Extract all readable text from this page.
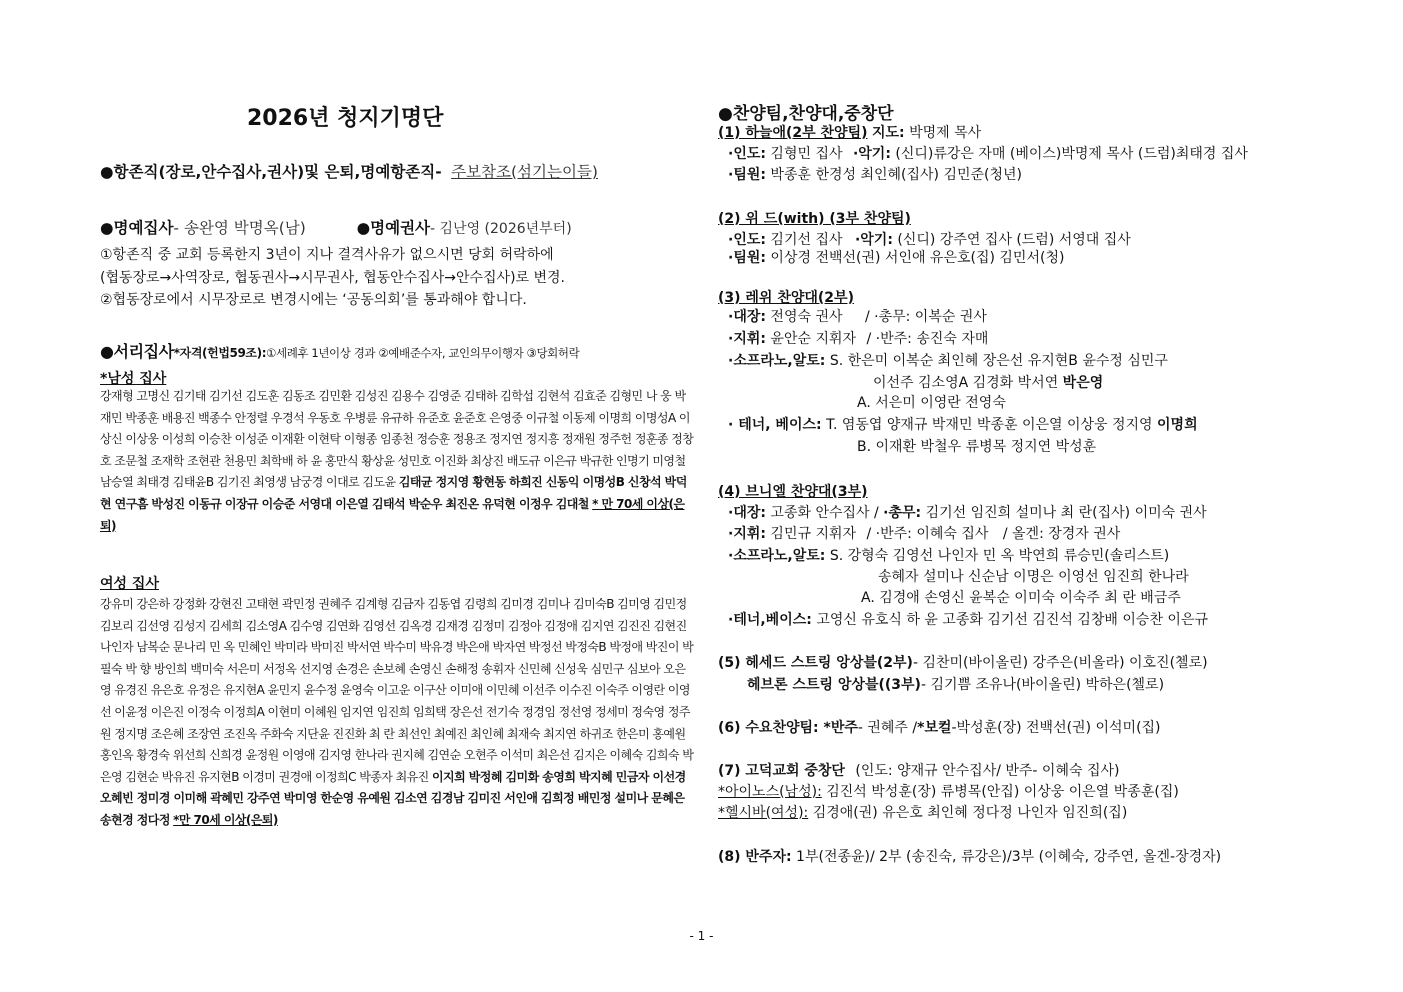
2026년 청지기명단
●항존직(장로,안수집사,권사)및 은퇴,명예항존직- 주보참조(섬기는이들)
●명예집사- 송완영 박명옥(남)	●명예권사- 김난영 (2026년부터)
①항존직 중 교회 등록한지 3년이 지나 결격사유가 없으시면 당회 허락하에
(협동장로→사역장로, 협동권사→시무권사, 협동안수집사→안수집사)로 변경.
②협동장로에서 시무장로로 변경시에는 ‘공동의회’를 통과해야 합니다.
●서리집사*자격(헌법59조):①세례후 1년이상 경과 ②예배준수자, 교인의무이행자 ③당회허락
*남성 집사
강재형 고명신 김기태 김기선 김도훈 김동조 김민환 김성진 김용수 김영준 김태하 김학섭 김현석 김효준 김형민 나 웅 박재민 박종훈 배용진 백종수 안정렬 우경석 우동호 우병륜 유규하 유준호 윤준호 은영중 이규철 이동제 이명희 이명성A 이상신 이상웅 이성희 이승찬 이성준 이재환 이현탁 이형종 임종천 정승훈 정용조 정지연 정지흥 정재원 정주헌 정훈종 정창호 조문철 조재학 조현관 천용민 최학배 하 윤 홍만식 황상윤 성민호 이진화 최상진 배도규 이은규 박규한 인명기 미영철 남승열 최태경 김태윤B 김기진 최영생 남궁경 이대로 김도윤 김태균 정지영 황현동 하희진 신동익 이명성B 신창석 박덕현 연구흠 박성진 이동규 이장규 이승준 서영대 이은열 김태석 박순우 최진온 유덕현 이정우 김대철 * 만 70세 이상(은퇴)
여성 집사
강유미 강은하 강정화 강현진 고태현 곽민정 권혜주 김계형 김금자 김동엽 김령희 김미경 김미나 김미숙B 김미영 김민정 김보리 김선영 김성지 김세희 김소영A 김수영 김연화 김영선 김옥경 김재경 김정미 김정아 김정애 김지연 김진진 김현진 나인자 남복순 문나리 민 옥 민혜인 박미라 박미진 박서연 박수미 박유경 박은애 박자연 박정선 박정숙B 박정애 박진이 박필숙 박 향 방인희 백미숙 서은미 서정옥 선지영 손경은 손보혜 손영신 손해정 송휘자 신민혜 신성욱 심민구 심보아 오은영 유경진 유은호 유정은 유지현A 윤민지 윤수정 윤영숙 이고운 이구산 이미애 이민혜 이선주 이수진 이숙주 이영란 이영선 이윤정 이은진 이정숙 이정희A 이현미 이혜원 임지연 임진희 임희택 장은선 전기숙 정경임 정선영 정세미 정숙영 정주원 정지명 조은혜 조장연 조진옥 주화숙 지단윤 진진화 최 란 최선인 최예진 최인혜 최재숙 최지연 하귀조 한은미 홍예원 홍인옥 황경숙 위선희 신희경 윤정원 이영애 김지영 한나라 권지혜 김연순 오현주 이석미 최은선 김지은 이혜숙 김희숙 박은영 김현순 박유진 유지현B 이경미 권경애 이정희C 박종자 최유진 이지희 박정혜 김미화 송영희 박지혜 민금자 이선경 오혜빈 정미경 이미해 곽혜민 강주연 박미영 한순영 유예원 김소연 김경남 김미진 서인애 김희정 배민정 설미나 문혜은 송현경 정다정 *만 70세 이상(은퇴)
●찬양팀,찬양대,중창단
(1) 하늘애(2부 찬양팀) 지도: 박명제 목사
·인도: 김형민 집사 ·악기: (신디)류강은 자매 (베이스)박명제 목사 (드럼)최태경 집사
·팀원: 박종훈 한경성 최인혜(집사) 김민준(청년)
(2) 위 드(with) (3부 찬양팀)
·인도: 김기선 집사 ·악기: (신디) 강주연 집사 (드럼) 서영대 집사
·팀원: 이상경 전백선(권) 서인애 유은호(집) 김민서(청)
(3) 레위 찬양대(2부)
·대장: 전영숙 권사 / ·총무: 이복순 권사
·지휘: 윤안순 지휘자 / ·반주: 송진숙 자매
·소프라노,알토: S. 한은미 이복순 최인혜 장은선 유지현B 윤수정 심민구
이선주 김소영A 김경화 박서연 박은영
A. 서은미 이영란 전영숙
· 테너, 베이스: T. 염동엽 양재규 박재민 박종훈 이은열 이상웅 정지영 이명희
B. 이재환 박철우 류병목 정지연 박성훈
(4) 브니엘 찬양대(3부)
·대장: 고종화 안수집사 / ·총무: 김기선 임진희 설미나 최 란(집사) 이미숙 권사
·지휘: 김민규 지휘자 / ·반주: 이혜숙 집사 / 올겐: 장경자 권사
·소프라노,알토: S. 강형숙 김영선 나인자 민 옥 박연희 류승민(솔리스트)
송혜자 설미나 신순남 이명은 이영선 임진희 한나라
A. 김경애 손영신 윤복순 이미숙 이숙주 최 란 배금주
·테너,베이스: 고영신 유호식 하 윤 고종화 김기선 김진석 김창배 이승찬 이은규
(5) 헤세드 스트링 앙상블(2부)- 김찬미(바이올린) 강주은(비올라) 이호진(첼로)
헤브론 스트링 앙상블((3부)- 김기쁨 조유나(바이올린) 박하은(첼로)
(6) 수요찬양팀: *반주- 권혜주 /*보컬-박성훈(장) 전백선(권) 이석미(집)
(7) 고덕교회 중창단 (인도: 양재규 안수집사/ 반주- 이혜숙 집사)
*아이노스(남성): 김진석 박성훈(장) 류병목(안집) 이상웅 이은열 박종훈(집)
*헬시바(여성): 김경애(권) 유은호 최인혜 정다정 나인자 임진희(집)
(8) 반주자: 1부(전종윤)/ 2부 (송진숙, 류강은)/3부 (이혜숙, 강주연, 올겐-장경자)
- 1 -
